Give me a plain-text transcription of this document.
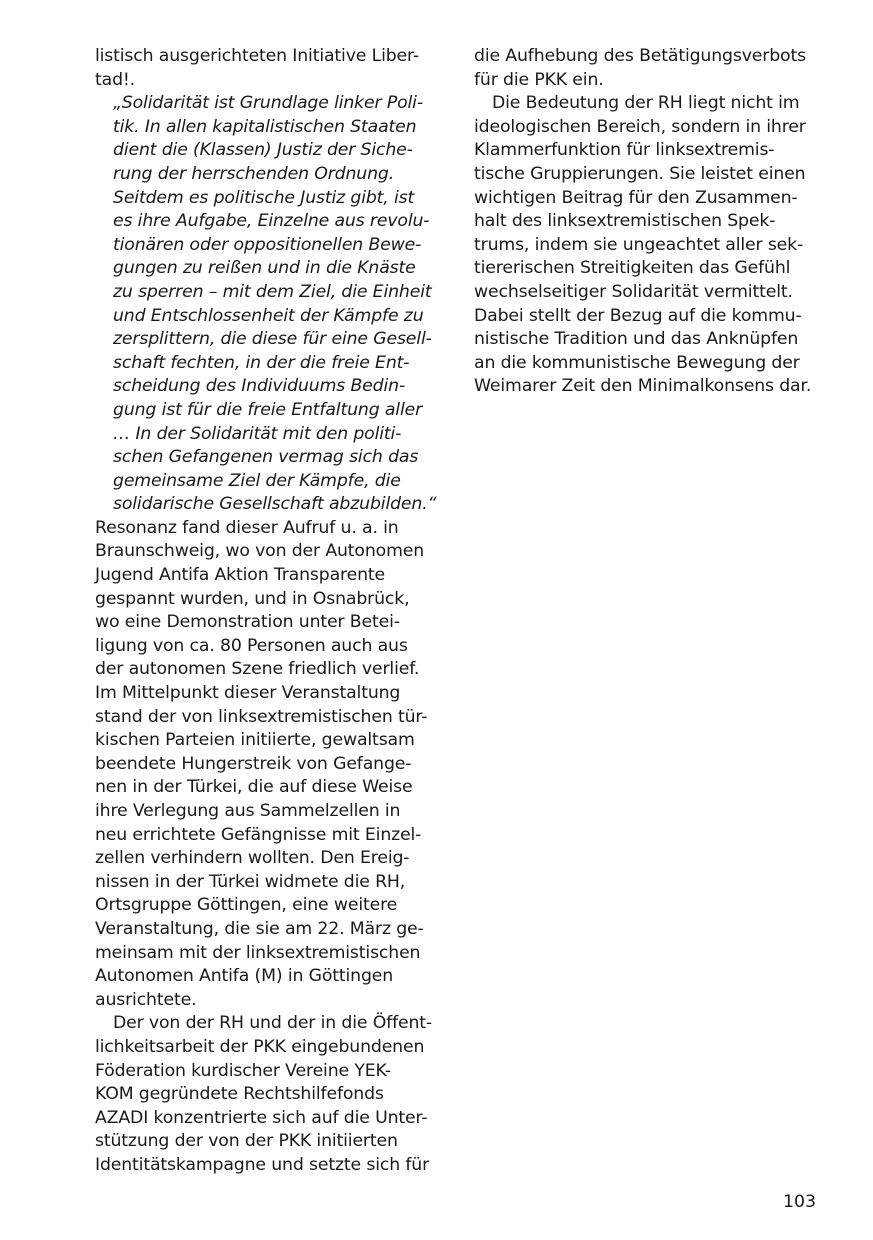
listisch ausgerichteten Initiative Liber-
tad!.

„Solidarität ist Grundlage linker Poli-
tik. In allen kapitalistischen Staaten
dient die (Klassen) Justiz der Siche-
rung der herrschenden Ordnung.
Seitdem es politische Justiz gibt, ist
es ihre Aufgabe, Einzelne aus revolu-
tionären oder oppositionellen Bewe-
gungen zu reißen und in die Knäste
zu sperren – mit dem Ziel, die Einheit
und Entschlossenheit der Kämpfe zu
zersplittern, die diese für eine Gesell-
schaft fechten, in der die freie Ent-
scheidung des Individuums Bedin-
gung ist für die freie Entfaltung aller
… In der Solidarität mit den politi-
schen Gefangenen vermag sich das
gemeinsame Ziel der Kämpfe, die
solidarische Gesellschaft abzubilden.“

Resonanz fand dieser Aufruf u. a. in
Braunschweig, wo von der Autonomen
Jugend Antifa Aktion Transparente
gespannt wurden, und in Osnabrück,
wo eine Demonstration unter Betei-
ligung von ca. 80 Personen auch aus
der autonomen Szene friedlich verlief.
Im Mittelpunkt dieser Veranstaltung
stand der von linksextremistischen tür-
kischen Parteien initiierte, gewaltsam
beendete Hungerstreik von Gefange-
nen in der Türkei, die auf diese Weise
ihre Verlegung aus Sammelzellen in
neu errichtete Gefängnisse mit Einzel-
zellen verhindern wollten. Den Ereig-
nissen in der Türkei widmete die RH,
Ortsgruppe Göttingen, eine weitere
Veranstaltung, die sie am 22. März ge-
meinsam mit der linksextremistischen
Autonomen Antifa (M) in Göttingen
ausrichtete.

Der von der RH und der in die Öffent-
lichkeitsarbeit der PKK eingebundenen
Föderation kurdischer Vereine YEK-
KOM gegründete Rechtshilfefonds
AZADI konzentrierte sich auf die Unter-
stützung der von der PKK initiierten
Identitätskampagne und setzte sich für

die Aufhebung des Betätigungsverbots
für die PKK ein.

Die Bedeutung der RH liegt nicht im
ideologischen Bereich, sondern in ihrer
Klammerfunktion für linksextremis-
tische Gruppierungen. Sie leistet einen
wichtigen Beitrag für den Zusammen-
halt des linksextremistischen Spek-
trums, indem sie ungeachtet aller sek-
tiererischen Streitigkeiten das Gefühl
wechselseitiger Solidarität vermittelt.
Dabei stellt der Bezug auf die kommu-
nistische Tradition und das Anknüpfen
an die kommunistische Bewegung der
Weimarer Zeit den Minimalkonsens dar.

103
